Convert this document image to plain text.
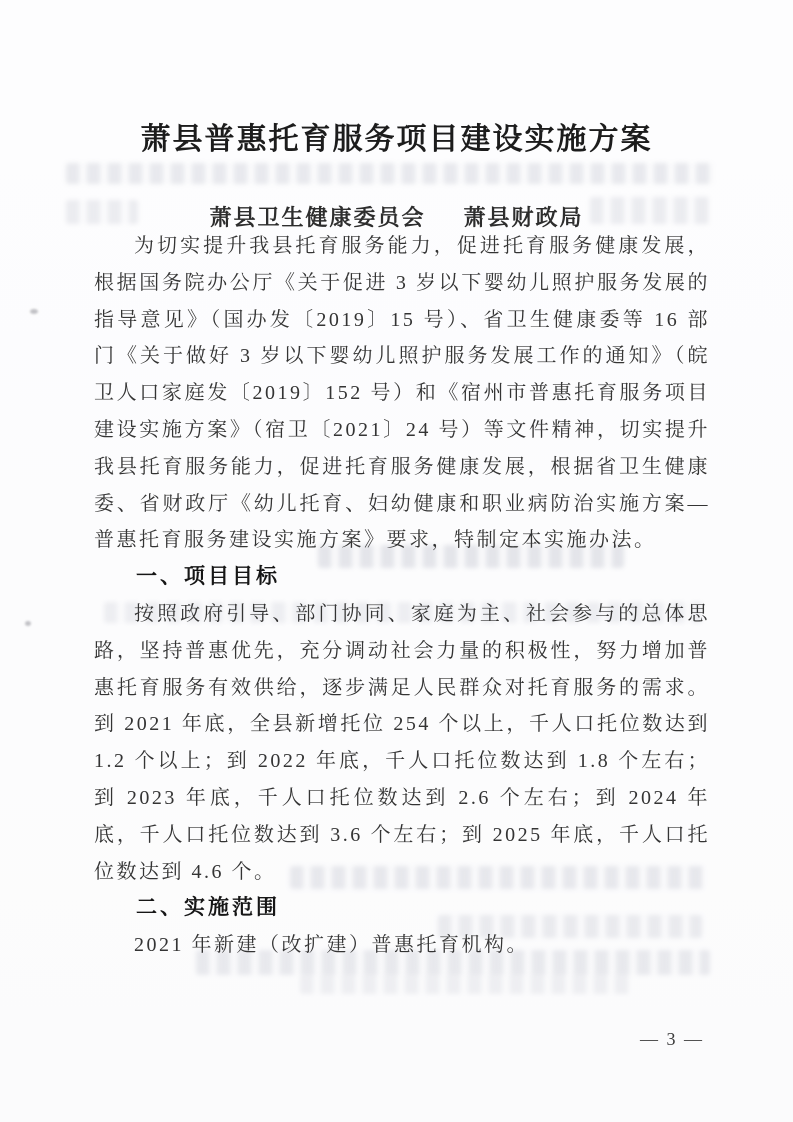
萧县普惠托育服务项目建设实施方案
萧县卫生健康委员会 萧县财政局

为切实提升我县托育服务能力，促进托育服务健康发展，根据国务院办公厅《关于促进 3 岁以下婴幼儿照护服务发展的指导意见》（国办发〔2019〕15 号）、省卫生健康委等 16 部门《关于做好 3 岁以下婴幼儿照护服务发展工作的通知》（皖卫人口家庭发〔2019〕152 号）和《宿州市普惠托育服务项目建设实施方案》（宿卫〔2021〕24 号）等文件精神，切实提升我县托育服务能力，促进托育服务健康发展，根据省卫生健康委、省财政厅《幼儿托育、妇幼健康和职业病防治实施方案—普惠托育服务建设实施方案》要求，特制定本实施办法。

一、项目目标

按照政府引导、部门协同、家庭为主、社会参与的总体思路，坚持普惠优先，充分调动社会力量的积极性，努力增加普惠托育服务有效供给，逐步满足人民群众对托育服务的需求。到 2021 年底，全县新增托位 254 个以上，千人口托位数达到 1.2 个以上；到 2022 年底，千人口托位数达到 1.8 个左右；到 2023 年底，千人口托位数达到 2.6 个左右；到 2024 年底，千人口托位数达到 3.6 个左右；到 2025 年底，千人口托位数达到 4.6 个。

二、实施范围

2021 年新建（改扩建）普惠托育机构。

— 3 —
